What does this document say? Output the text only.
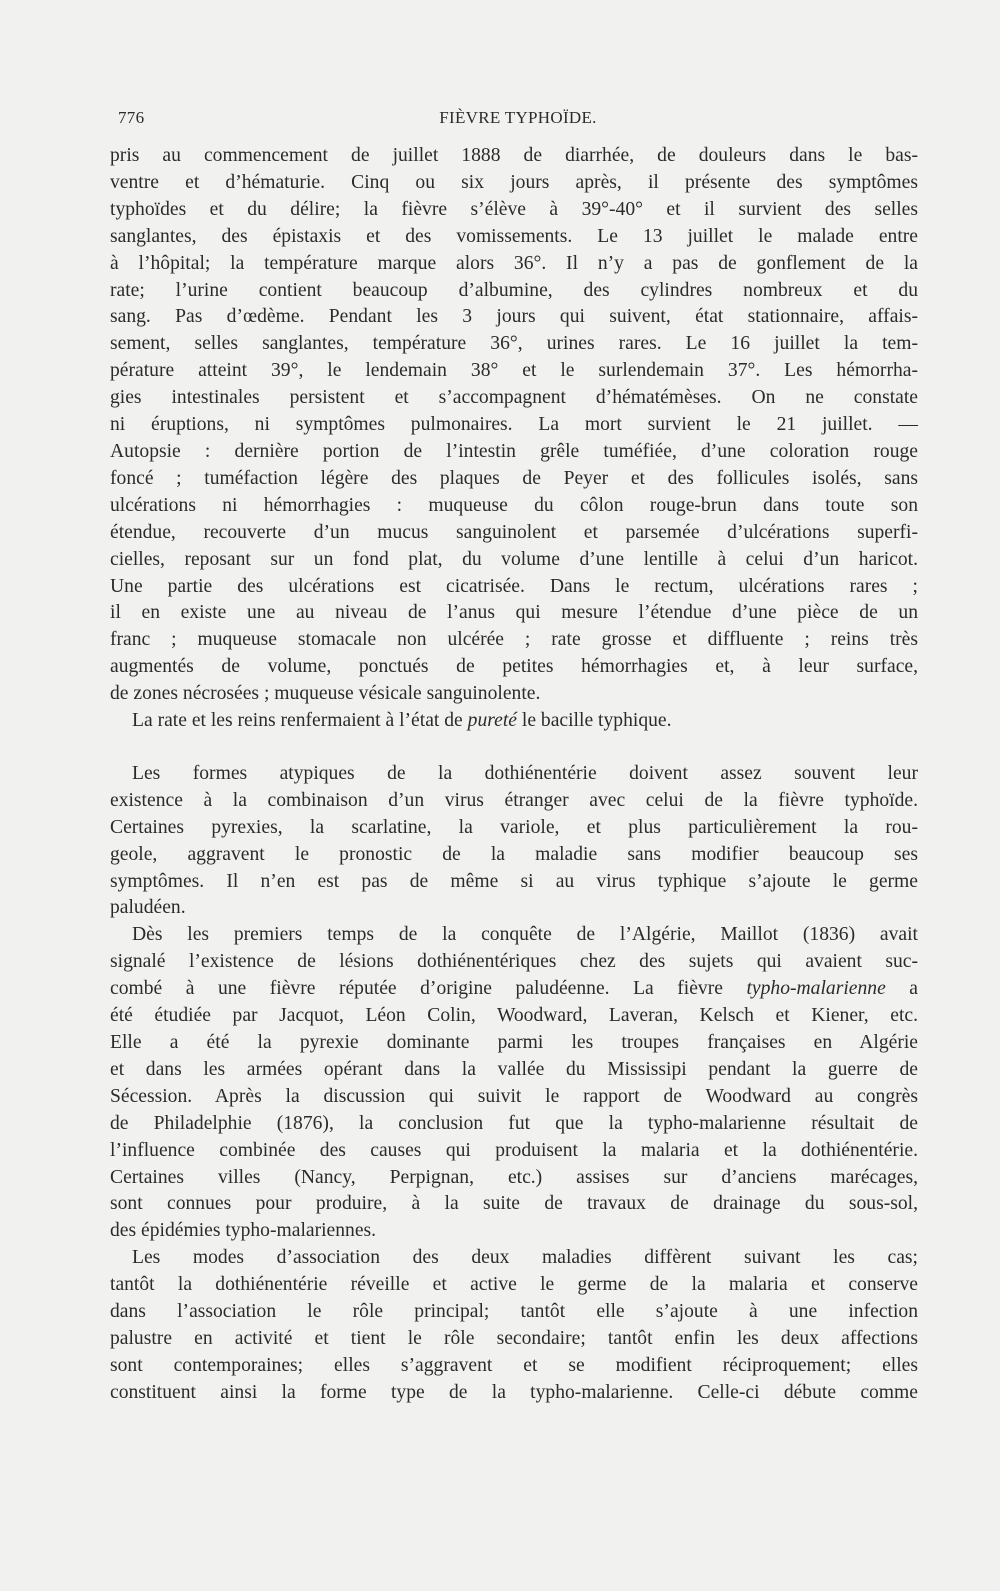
776	FIÈVRE TYPHOÏDE.
pris au commencement de juillet 1888 de diarrhée, de douleurs dans le bas-
ventre et d’hématurie. Cinq ou six jours après, il présente des symptômes
typhoïdes et du délire; la fièvre s’élève à 39°-40° et il survient des selles
sanglantes, des épistaxis et des vomissements. Le 13 juillet le malade entre
à l’hôpital; la température marque alors 36°. Il n’y a pas de gonflement de la
rate; l’urine contient beaucoup d’albumine, des cylindres nombreux et du
sang. Pas d’œdème. Pendant les 3 jours qui suivent, état stationnaire, affais-
sement, selles sanglantes, température 36°, urines rares. Le 16 juillet la tem-
pérature atteint 39°, le lendemain 38° et le surlendemain 37°. Les hémorrha-
gies intestinales persistent et s’accompagnent d’hématémèses. On ne constate
ni éruptions, ni symptômes pulmonaires. La mort survient le 21 juillet. —
Autopsie : dernière portion de l’intestin grêle tuméfiée, d’une coloration rouge
foncé ; tuméfaction légère des plaques de Peyer et des follicules isolés, sans
ulcérations ni hémorrhagies : muqueuse du côlon rouge-brun dans toute son
étendue, recouverte d’un mucus sanguinolent et parsemée d’ulcérations superfi-
cielles, reposant sur un fond plat, du volume d’une lentille à celui d’un haricot.
Une partie des ulcérations est cicatrisée. Dans le rectum, ulcérations rares ;
il en existe une au niveau de l’anus qui mesure l’étendue d’une pièce de un
franc ; muqueuse stomacale non ulcérée ; rate grosse et diffluente ; reins très
augmentés de volume, ponctués de petites hémorrhagies et, à leur surface,
de zones nécrosées ; muqueuse vésicale sanguinolente.
La rate et les reins renfermaient à l’état de pureté le bacille typhique.
Les formes atypiques de la dothiénentérie doivent assez souvent leur
existence à la combinaison d’un virus étranger avec celui de la fièvre typhoïde.
Certaines pyrexies, la scarlatine, la variole, et plus particulièrement la rou-
geole, aggravent le pronostic de la maladie sans modifier beaucoup ses
symptômes. Il n’en est pas de même si au virus typhique s’ajoute le germe
paludéen.
Dès les premiers temps de la conquête de l’Algérie, Maillot (1836) avait
signalé l’existence de lésions dothiénentériques chez des sujets qui avaient suc-
combé à une fièvre réputée d’origine paludéenne. La fièvre typho-malarienne a
été étudiée par Jacquot, Léon Colin, Woodward, Laveran, Kelsch et Kiener, etc.
Elle a été la pyrexie dominante parmi les troupes françaises en Algérie
et dans les armées opérant dans la vallée du Mississipi pendant la guerre de
Sécession. Après la discussion qui suivit le rapport de Woodward au congrès
de Philadelphie (1876), la conclusion fut que la typho-malarienne résultait de
l’influence combinée des causes qui produisent la malaria et la dothiénentérie.
Certaines villes (Nancy, Perpignan, etc.) assises sur d’anciens marécages,
sont connues pour produire, à la suite de travaux de drainage du sous-sol,
des épidémies typho-malariennes.
Les modes d’association des deux maladies diffèrent suivant les cas;
tantôt la dothiénentérie réveille et active le germe de la malaria et conserve
dans l’association le rôle principal; tantôt elle s’ajoute à une infection
palustre en activité et tient le rôle secondaire; tantôt enfin les deux affections
sont contemporaines; elles s’aggravent et se modifient réciproquement; elles
constituent ainsi la forme type de la typho-malarienne. Celle-ci débute comme
